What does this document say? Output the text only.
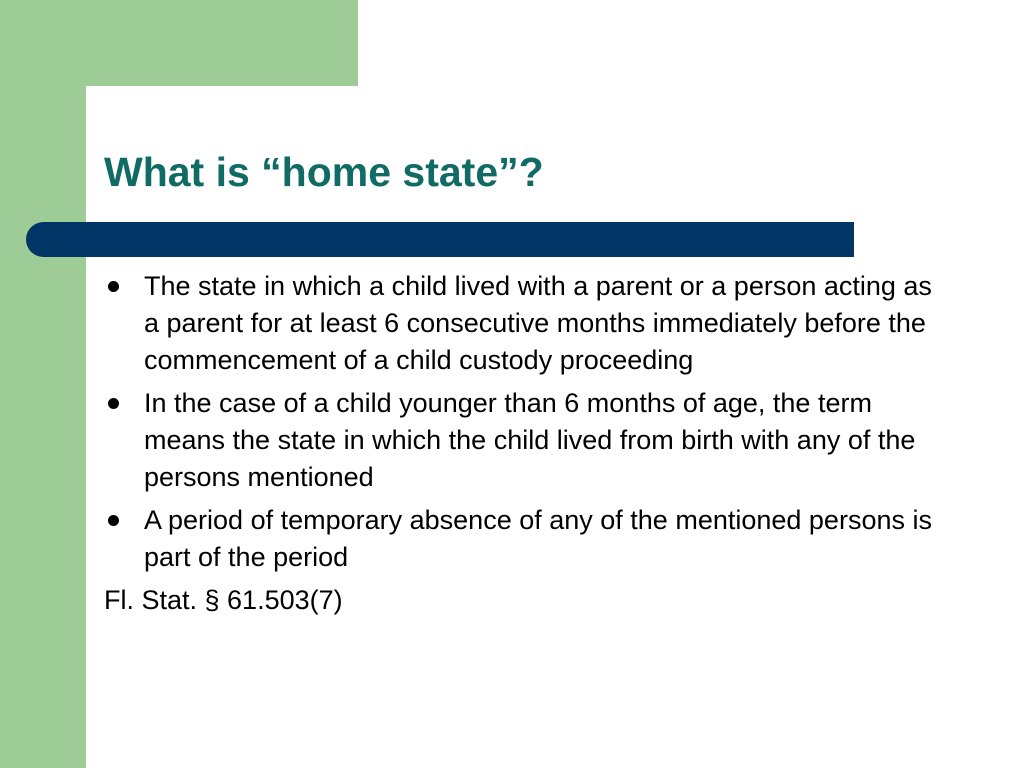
What is “home state”?
The state in which a child lived with a parent or a person acting as a parent for at least 6 consecutive months immediately before the commencement of a child custody proceeding
In the case of a child younger than 6 months of age, the term means the state in which the child lived from birth with any of the persons mentioned
A period of temporary absence of any of the mentioned persons is part of the period
Fl. Stat. § 61.503(7)
